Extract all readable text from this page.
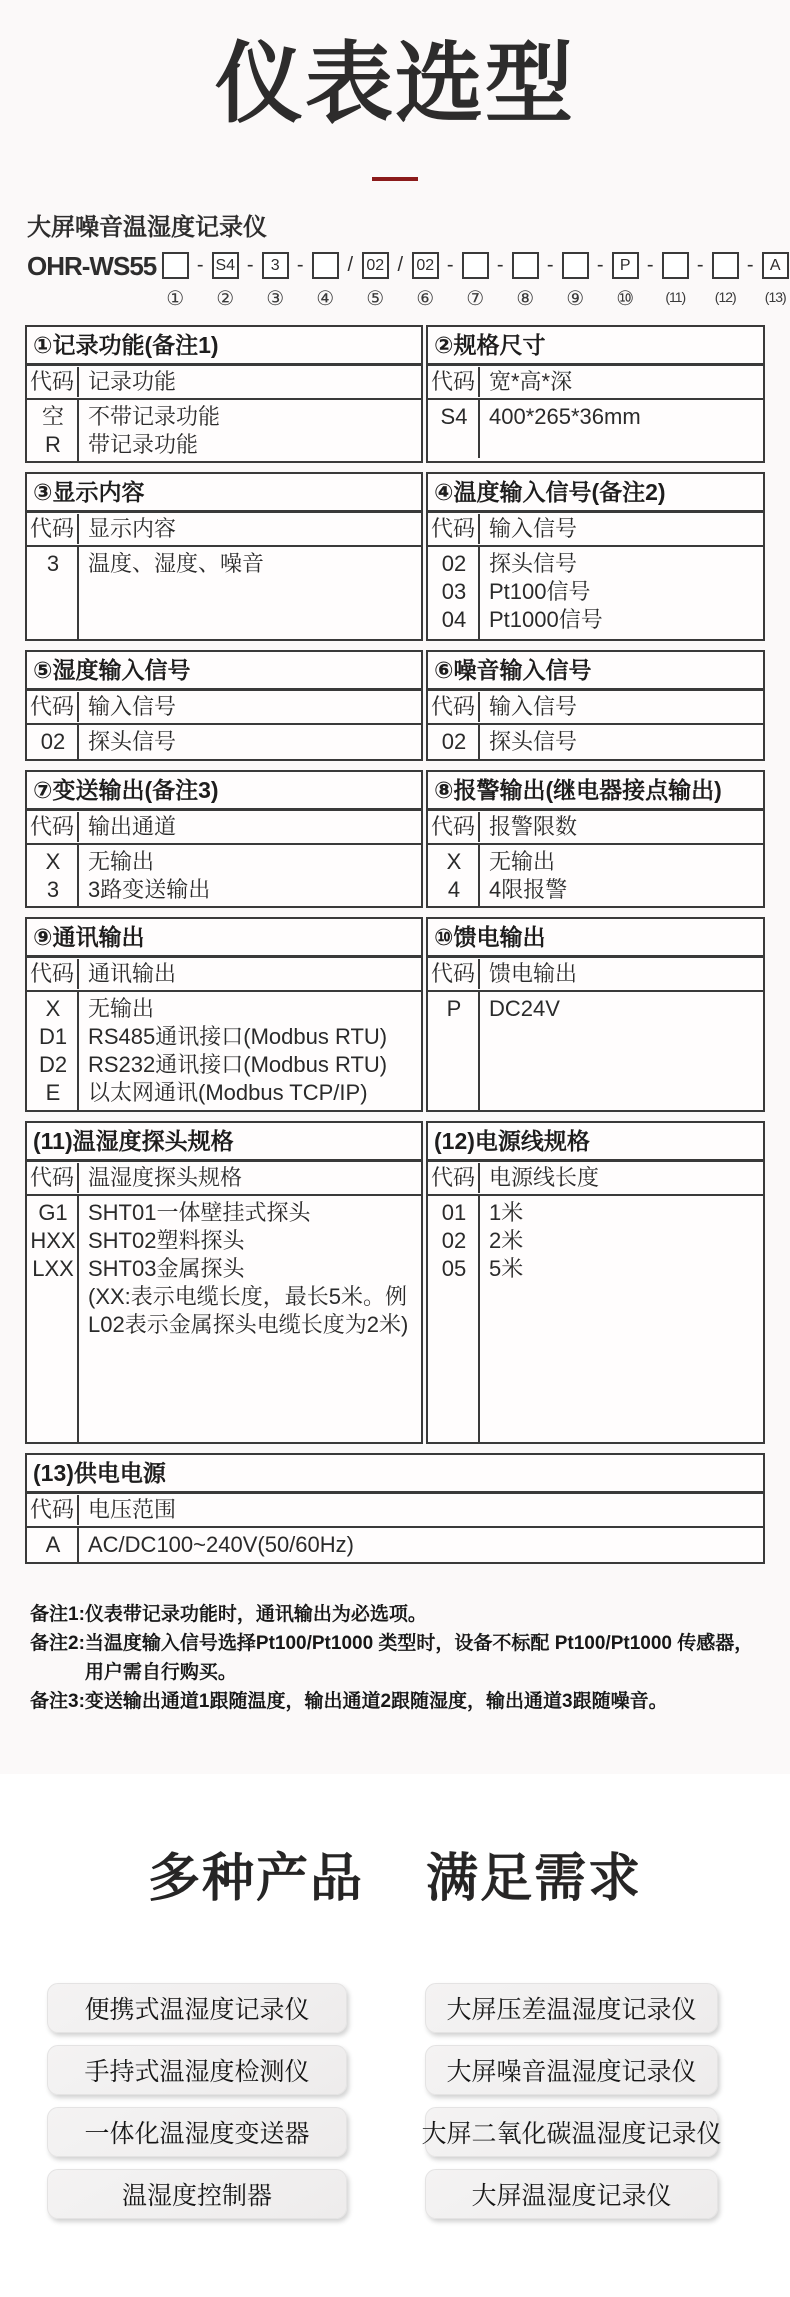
仪表选型
大屏噪音温湿度记录仪
OHR-WS55
①
- S4
②
-	3
③
-
④
/ 02
⑤
/ 02
⑥
-
⑦
-
⑧
-
⑨
-	P
⑩
-
(11)
-
(12)
-	A
(13)
①记录功能(备注1)
代码 记录功能
空	不带记录功能
R	带记录功能
②规格尺寸
代码 宽*高*深
S4 400*265*36mm
③显示内容
代码 显示内容
3	温度、湿度、噪音
④温度输入信号(备注2)
代码 输入信号
02	探头信号
03	Pt100信号
04	Pt1000信号
⑤湿度输入信号
代码 输入信号
02	探头信号
⑥噪音输入信号
代码 输入信号
02	探头信号
⑦变送输出(备注3)
代码 输出通道
X	无输出
3	3路变送输出
⑧报警输出(继电器接点输出)
代码 报警限数
X	无输出
4	4限报警
⑨通讯输出
代码 通讯输出
X	无输出
D1 RS485通讯接口(Modbus RTU)
D2 RS232通讯接口(Modbus RTU)
E	以太网通讯(Modbus TCP/IP)
⑩馈电输出
代码 馈电输出
P	DC24V
(11)温湿度探头规格
代码 温湿度探头规格
G1 SHT01一体壁挂式探头
HXX SHT02塑料探头
LXX SHT03金属探头
(XX:表示电缆长度，最长5米。例L02表示金属探头电缆长度为2米)
(12)电源线规格
代码 电源线长度
01	1米
02	2米
05	5米
(13)供电电源
代码 电压范围
A	AC/DC100~240V(50/60Hz)
备注1: 仪表带记录功能时，通讯输出为必选项。
备注2: 当温度输入信号选择Pt100/Pt1000 类型时，设备不标配 Pt100/Pt1000 传感器，用户需自行购买。
备注3: 变送输出通道1跟随温度，输出通道2跟随湿度，输出通道3跟随噪音。
多种产品 满足需求
便携式温湿度记录仪
手持式温湿度检测仪
一体化温湿度变送器
温湿度控制器
大屏压差温湿度记录仪
大屏噪音温湿度记录仪
大屏二氧化碳温湿度记录仪
大屏温湿度记录仪
